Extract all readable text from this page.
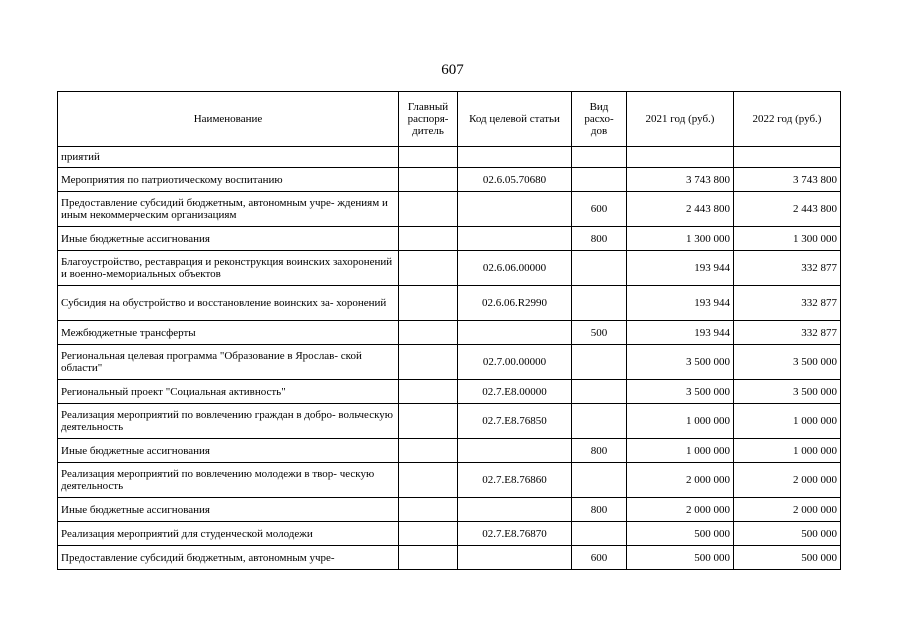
607
Наименование	Главный распоря- дитель	Код целевой статьи	Вид расхо- дов	2021 год (руб.)	2022 год (руб.)
приятий					
Мероприятия по патриотическому воспитанию		02.6.05.70680		3 743 800	3 743 800
Предоставление субсидий бюджетным, автономным учре- ждениям и иным некоммерческим организациям			600	2 443 800	2 443 800
Иные бюджетные ассигнования			800	1 300 000	1 300 000
Благоустройство, реставрация и реконструкция воинских захоронений и военно-мемориальных объектов		02.6.06.00000		193 944	332 877
Субсидия на обустройство и восстановление воинских за- хоронений		02.6.06.R2990		193 944	332 877
Межбюджетные трансферты			500	193 944	332 877
Региональная целевая программа "Образование в Ярослав- ской области"		02.7.00.00000		3 500 000	3 500 000
Региональный проект "Социальная активность"		02.7.E8.00000		3 500 000	3 500 000
Реализация мероприятий по вовлечению граждан в добро- вольческую деятельность		02.7.E8.76850		1 000 000	1 000 000
Иные бюджетные ассигнования			800	1 000 000	1 000 000
Реализация мероприятий по вовлечению молодежи в твор- ческую деятельность		02.7.E8.76860		2 000 000	2 000 000
Иные бюджетные ассигнования			800	2 000 000	2 000 000
Реализация мероприятий для студенческой молодежи		02.7.E8.76870		500 000	500 000
Предоставление субсидий бюджетным, автономным учре-			600	500 000	500 000
